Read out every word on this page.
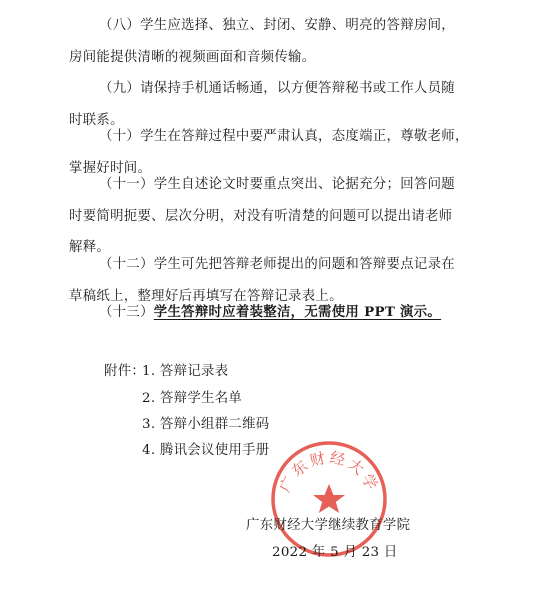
（八）学生应选择、独立、封闭、安静、明亮的答辩房间，
房间能提供清晰的视频画面和音频传输。

（九）请保持手机通话畅通，以方便答辩秘书或工作人员随
时联系。

（十）学生在答辩过程中要严肃认真，态度端正，尊敬老师，
掌握好时间。

（十一）学生自述论文时要重点突出、论据充分；回答问题
时要简明扼要、层次分明，对没有听清楚的问题可以提出请老师
解释。

（十二）学生可先把答辩老师提出的问题和答辩要点记录在
草稿纸上，整理好后再填写在答辩记录表上。

（十三）学生答辩时应着装整洁，无需使用 PPT 演示。

附件：
1. 答辩记录表
2. 答辩学生名单
3. 答辩小组群二维码
4. 腾讯会议使用手册
广东财经大学
广东财经大学继续教育学院
2022 年 5 月 23 日
